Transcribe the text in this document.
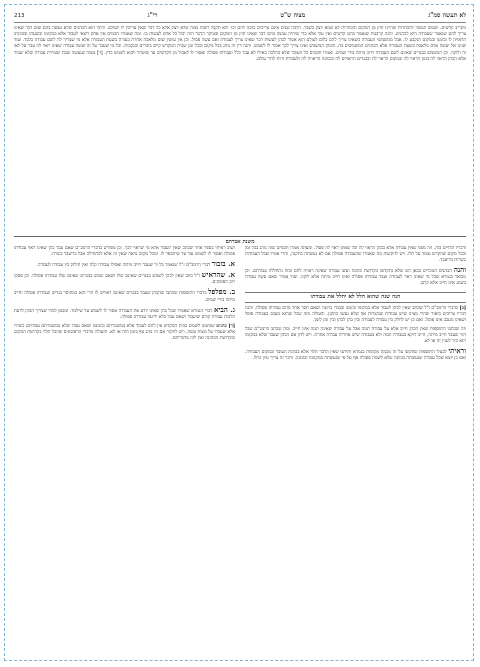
לא תעשה סמ"ג
מצוה ש"ט
רי"ג
213
מקריב קדשים. ושמש העשוי להכתרות שהיינו חוץ מן המקום והכתרות לא שמא יוצק בשבר. הלכה שנים אינם צריכים כוונה להם וכו׳ ולא תקבל רשות ממה שלא יוצק אלא כל דבר שאין צריכין לו לעולם. והיכי הוא הכהנים שלא נעשה בהם שום דבר שאינו צריך להם שנאמר שעבודה היא לכהנים. והנה קרבנות שנאמר בהם קדשים ואין עוד אלא כדי שיהיה נעשה בהם דבר שאינו חוץ מן המקום ובעיקר הדבר הזה יכול כל אדם לעשות בו. ומה שאמרו חכמים אין אדם רשאי לעבוד אלא במקומו ובשעתו ובכוונתו הראויה לו ובזמנו ובמקום הנקבע לו. אבל ממשמשי העבודה כשאינו צריך להם כלום לעולם הוא אסור לכהן לעשות דבר שאינו צריך לעבודה ואם עשה פסול. וכן אין עושין שום מלאכה אחרת בעזרה בשעת העבודה אלא מי שצריך לה לשם עבודה בלבד. ועוד שנינו אל יעשה אדם מלאכה בשעת העבודה אלא הכהנים המשמשים בה. והכהן המשמש ואינו צריך לכך אסור לו לשמש. והנה דין זה נוהג בכל מקום ובכל זמן שבית המקדש קיים בזכרים ובנקבות. וכל מי שעבר על זה ועשה עבודה שאינו ראוי לה עבר על לאו זה ולוקה. וכן המשמש בבגדים שאינם לשם העבודה חייב מיתה בידי שמים. ואמרו חכמים כל העובד שלא כהלכה כאילו לא עבד כלל ועבודתו פסולה ואסור לו לאכול מן הקדשים עד שיטהר ויבוא לשמש כדין. [ד] מצוה שנעשה שבת ושמירת עבודה שלא יעבוד אלא הכהן הראוי לה בזמן הראוי לה ובמקום הראוי לה ובבגדים הראויים לה ובכוונה הראויה לה ולעבודת זרות לדור עולם.
משנת אברהם

ודבריו תלויים בזה, וזה מפני שאין עבודה אלא בכהן הראוי לה וכל שאינו ראוי לה פסול. ומעתה אמרו חכמים שזה נוהג בכל זמן ובכל מקום שהקדש עומד על תלו. ויש להקשות מה שאמרו שהעבודה פסולה אם לא נעשתה כתקנה, והרי אמרו שכל העבודות כשרות בדיעבד.

והנה הכהנים הנזכרים בכאן הם שלא נתקדשו בקדושת כהונה ועשו עבודה שאינה ראויה להם ובזה נתחללה עבודתם. וכן מבואר בגמרא שכל מי שאינו ראוי לעבודה ועבד עבודתו פסולה ואינו חייב מיתה אלא לוקה. ועוד אמרו שאם עשה עבודה בשוגג אינו חייב אלא קרבן.

הנה שנה שהוא חלל לא יחלל את עבודתו

[ב] בדברי הרמב"ם ז"ל שכתב שאין לכהן לעבוד אלא במקומו ובזמנו ובבגדי כהונה ושאם חסר אחד מהם עבודתו פסולה. והנה דבריו צריכים ביאור שהרי מצינו שיש עבודות שכשרות אף שלא נעשו כתקנן. והעולה מזה שכל שהוא מעכב בעבודה פוסל ושאינו מעכב אינו פוסל. ואם כן יש לחלק בין עבודה לעבודה ובין כהן לכהן ובין זמן לזמן.

וזה שכתבו התוספות שאין הכהן חייב אלא על עבודה תמה אבל על עבודה שאינה תמה אינו חייב. ומה שכתב הרמב"ם שכל הזר שעבד חייב מיתה, היינו דוקא בעבודה תמה ולא בעבודה שיש אחריה עבודה אחרת. ויש לדון אם הכהן שעבד שלא במקומו הוא כזר לענין זה או לא.

וראיתי לבעלי התוספות שהקשו על זה מכמה מקומות בגמרא ותירצו שאין הדבר תלוי אלא בכוונת העובד ובמקום העבודה. ואם כן יוצא שכל עבודה שנעשתה בכוונה שלא לשמה פסולה אף על פי שנעשתה במקומה ובזמנה. ודבר זה צריך עיון גדול.

ושוב ראיתי בספר אחר שכתב שאין לעבוד אלא מי שראוי לכך. וכן מפורש בדברי הרמב"ם שאם עבד כהן שאינו ראוי עבודתו פסולה ואסור לו לשמש עוד עד שיתכפר לו. ומכל מקום נראה שאין זה אלא לכתחילה אבל בדיעבד כשרה.

א. בזבור דברי הרמב"ם ז"ל שנאמר כל זר שעבד חייב מיתה ואפילו עבודה קלה ואין חילוק בין עבודה לעבודה.

א. שהראיש ז"ל כתב שאין לכהן לשמש בבגדים שאינם שלו ושאם שמש בבגדים שאינם שלו עבודתו פסולה. וכן פסקו רוב הפוסקים.

ב. מפלפל בדברי התוספות שכתבו שהכהן שעבד בבגדים שאינם ראויים לו הרי הוא כמחוסר בגדים ועבודתו פסולה וחייב מיתה בידי שמים.

ג. הביא דברי הגמרא שאמרו שכל כהן שאינו יודע את העבודה אסור לו לשמש עד שילמד. ומכאן למדו שצריך הכהן לדעת הלכות עבודה קודם שיעבוד ושאם עבד בלא ידיעה עבודתו פסולה.

[ד] כהנים שנתמנו לשמש בבית המקדש אין להם לעבוד אלא במשמרתם ובזמנם ושאם עבדו שלא במשמרתם עבודתם כשרה אלא שעברו על מצות עשה. ויש לחקור אם זה נוהג אף בזמן הזה או לא. והעולה מדברי הראשונים שהכל תלוי בקדושת המקום ובקדושת הכהונה ואין לזוז מדבריהם.
